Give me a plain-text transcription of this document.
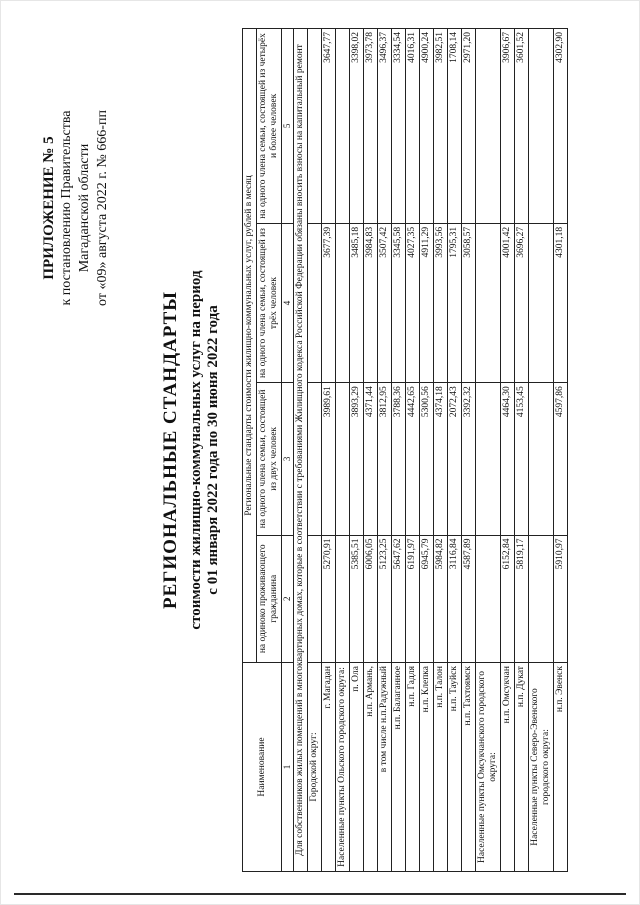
ПРИЛОЖЕНИЕ № 5 к постановлению Правительства Магаданской области от «09» августа 2022 г. № 666-пп
РЕГИОНАЛЬНЫЕ СТАНДАРТЫ стоимости жилищно-коммунальных услуг на период с 01 января 2022 года по 30 июня 2022 года
Наименование	Региональные стандарты стоимости жилищно-коммунальных услуг, рублей в месяц			
	на одиноко проживающего гражданина	на одного члена семьи, состоящей из двух человек	на одного члена семьи, состоящей из трёх человек	на одного члена семьи, состоящей из четырёх и более человек
1	2	3	4	5
Для собственников жилых помещений в многоквартирных домах, которые в соответствии с требованиями Жилищного кодекса Российской Федерации обязаны вносить взносы на капитальный ремонт				
Городской округ:				
г. Магадан	5270,91	3989,61	3677,39	3647,77
Населенные пункты Ольского городского округа:				
п. Ола	5385,51	3893,29	3485,18	3398,02
н.п. Армань,	6006,05	4371,44	3984,83	3973,78
в том числе н.п.Радужный	5123,25	3812,95	3507,42	3496,37
н.п. Балаганное	5647,62	3788,36	3345,58	3334,54
н.п. Гадля	6191,97	4442,65	4027,35	4016,31
н.п. Клепка	6945,79	5300,56	4911,29	4900,24
н.п. Талон	5984,82	4374,18	3993,56	3982,51
н.п. Тауйск	3116,84	2072,43	1795,31	1708,14
н.п. Тахтоямск	4587,89	3392,32	3058,57	2971,20
Населенные пункты Омсукчанского городского округа:				
н.п. Омсукчан	6152,84	4464,30	4001,42	3906,67
н.п. Дукат	5819,17	4153,45	3696,27	3601,52
Населенные пункты Северо-Эвенского городского округа:				
н.п. Эвенск	5910,97	4597,86	4301,18	4302,90
